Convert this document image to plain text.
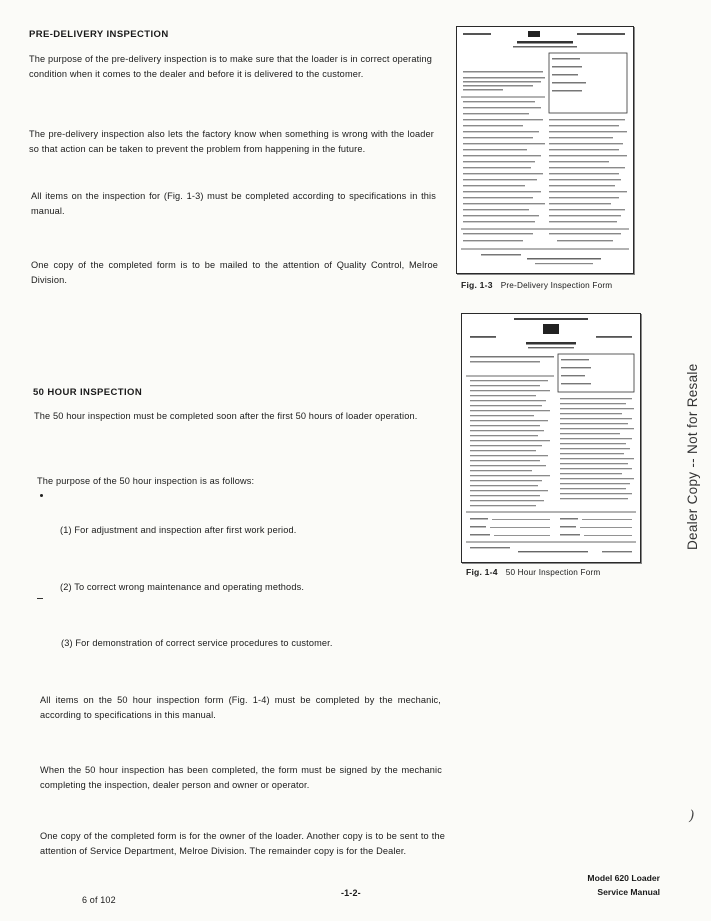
PRE-DELIVERY INSPECTION
The purpose of the pre-delivery inspection is to make sure that the loader is in correct operating condition when it comes to the dealer and before it is delivered to the customer.
The pre-delivery inspection also lets the factory know when something is wrong with the loader so that action can be taken to prevent the problem from happening in the future.
All items on the inspection for (Fig. 1-3) must be completed according to specifications in this manual.
One copy of the completed form is to be mailed to the attention of Quality Control, Melroe Division.
50 HOUR INSPECTION
The 50 hour inspection must be completed soon after the first 50 hours of loader operation.
The purpose of the 50 hour inspection is as follows:
(1) For adjustment and inspection after first work period.
(2) To correct wrong maintenance and operating methods.
(3) For demonstration of correct service procedures to customer.
All items on the 50 hour inspection form (Fig. 1-4) must be completed by the mechanic, according to specifications in this manual.
When the 50 hour inspection has been completed, the form must be signed by the mechanic completing the inspection, dealer person and owner or operator.
One copy of the completed form is for the owner of the loader. Another copy is to be sent to the attention of Service Department, Melroe Division. The remainder copy is for the Dealer.
)
Fig. 1-3 Pre-Delivery Inspection Form
Fig. 1-4 50 Hour Inspection Form
Dealer Copy -- Not for Resale
6 of 102
-1-2-
Model 620 Loader
Service Manual
